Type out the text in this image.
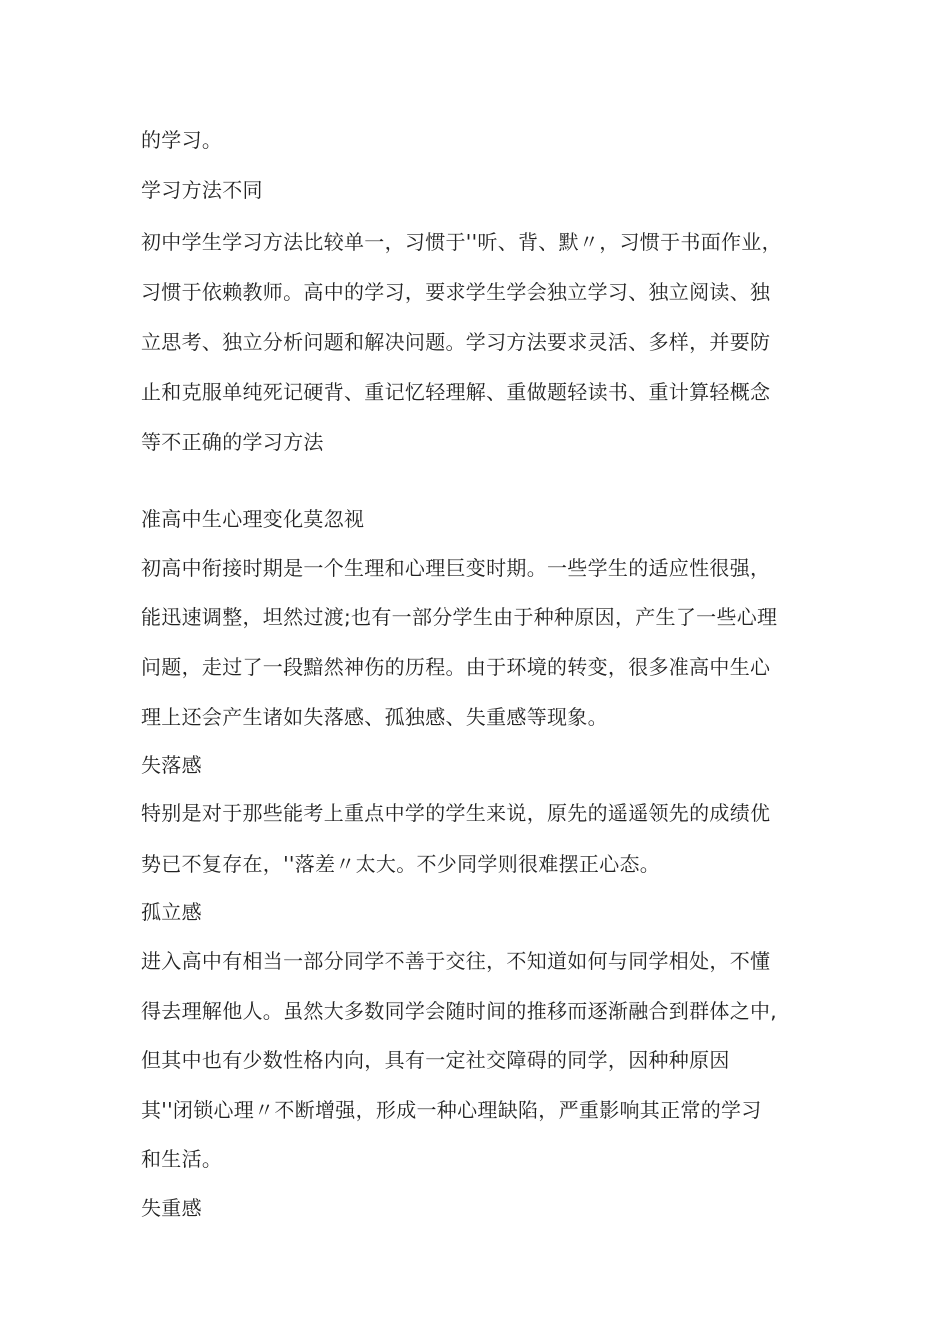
的学习。
学习方法不同
初中学生学习方法比较单一，习惯于''听、背、默〃，习惯于书面作业，
习惯于依赖教师。高中的学习，要求学生学会独立学习、独立阅读、独
立思考、独立分析问题和解决问题。学习方法要求灵活、多样，并要防
止和克服单纯死记硬背、重记忆轻理解、重做题轻读书、重计算轻概念
等不正确的学习方法
准高中生心理变化莫忽视
初高中衔接时期是一个生理和心理巨变时期。一些学生的适应性很强，
能迅速调整，坦然过渡;也有一部分学生由于种种原因，产生了一些心理
问题，走过了一段黯然神伤的历程。由于环境的转变，很多准高中生心
理上还会产生诸如失落感、孤独感、失重感等现象。
失落感
特别是对于那些能考上重点中学的学生来说，原先的遥遥领先的成绩优
势已不复存在，''落差〃太大。不少同学则很难摆正心态。
孤立感
进入高中有相当一部分同学不善于交往，不知道如何与同学相处，不懂
得去理解他人。虽然大多数同学会随时间的推移而逐渐融合到群体之中,
但其中也有少数性格内向，具有一定社交障碍的同学，因种种原因
其''闭锁心理〃不断增强，形成一种心理缺陷，严重影响其正常的学习
和生活。
失重感
